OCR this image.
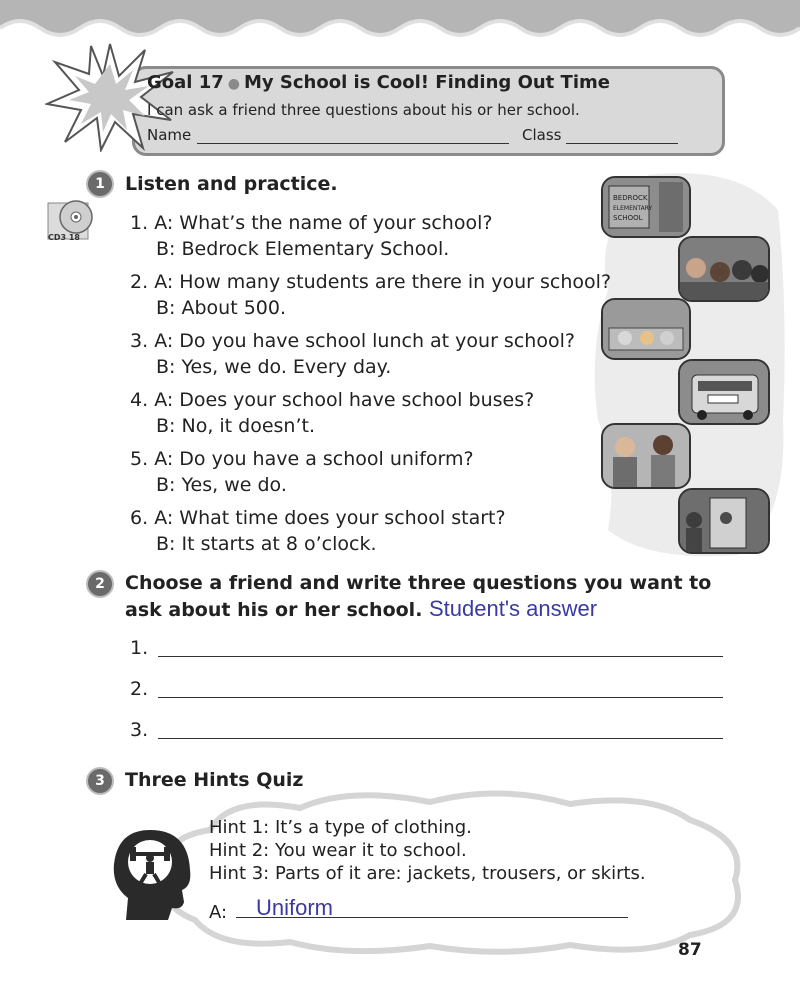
Goal 17 ● My School is Cool! Finding Out Time
I can ask a friend three questions about his or her school.
Name	Class
1	Listen and practice.
CD3 18
BEDROCK
ELEMENTARY
SCHOOL
1. A: What’s the name of your school?
B: Bedrock Elementary School.
2. A: How many students are there in your school?
B: About 500.
3. A: Do you have school lunch at your school?
B: Yes, we do. Every day.
4. A: Does your school have school buses?
B: No, it doesn’t.
5. A: Do you have a school uniform?
B: Yes, we do.
6. A: What time does your school start?
B: It starts at 8 o’clock.
2	Choose a friend and write three questions you want to
ask about his or her school. Student's answer
1.
2.
3.
3	Three Hints Quiz
Hint 1: It’s a type of clothing.
Hint 2: You wear it to school.
Hint 3: Parts of it are: jackets, trousers, or skirts.
A: Uniform
87
